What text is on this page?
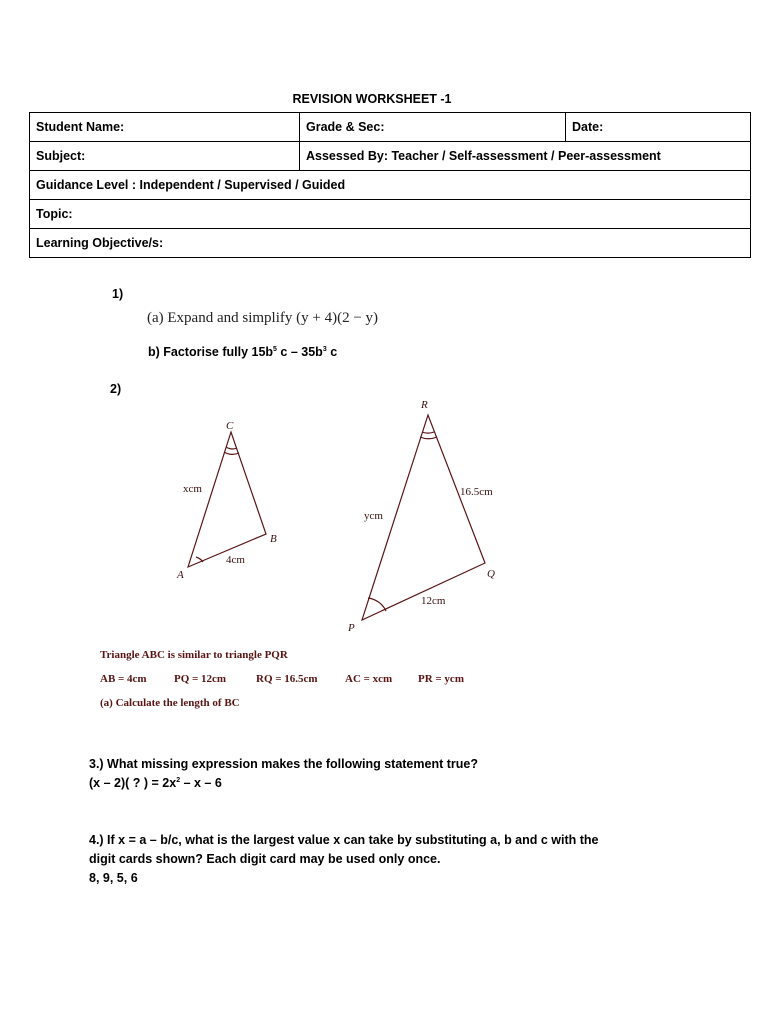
REVISION WORKSHEET -1
Student Name:	Grade & Sec:	Date:
Subject:	Assessed By: Teacher / Self-assessment / Peer-assessment	
Guidance Level : Independent / Supervised / Guided		
Topic:		
Learning Objective/s:		
1)
(a) Expand and simplify (y + 4)(2 − y)
b) Factorise fully $15b^5$ c – $35b^3$ c
2)
C
B
A
xcm
4cm
R
Q
P
ycm
16.5cm
12cm
Triangle ABC is similar to triangle PQR
AB = 4cm PQ = 12cm	RQ = 16.5cm AC = xcm PR = ycm
(a) Calculate the length of BC
3.) What missing expression makes the following statement true?
(x – 2)( ? ) = $2x^2$ – x – 6
4.) If x = a – b/c, what is the largest value x can take by substituting a, b and c with the
digit cards shown? Each digit card may be used only once.
8, 9, 5, 6
